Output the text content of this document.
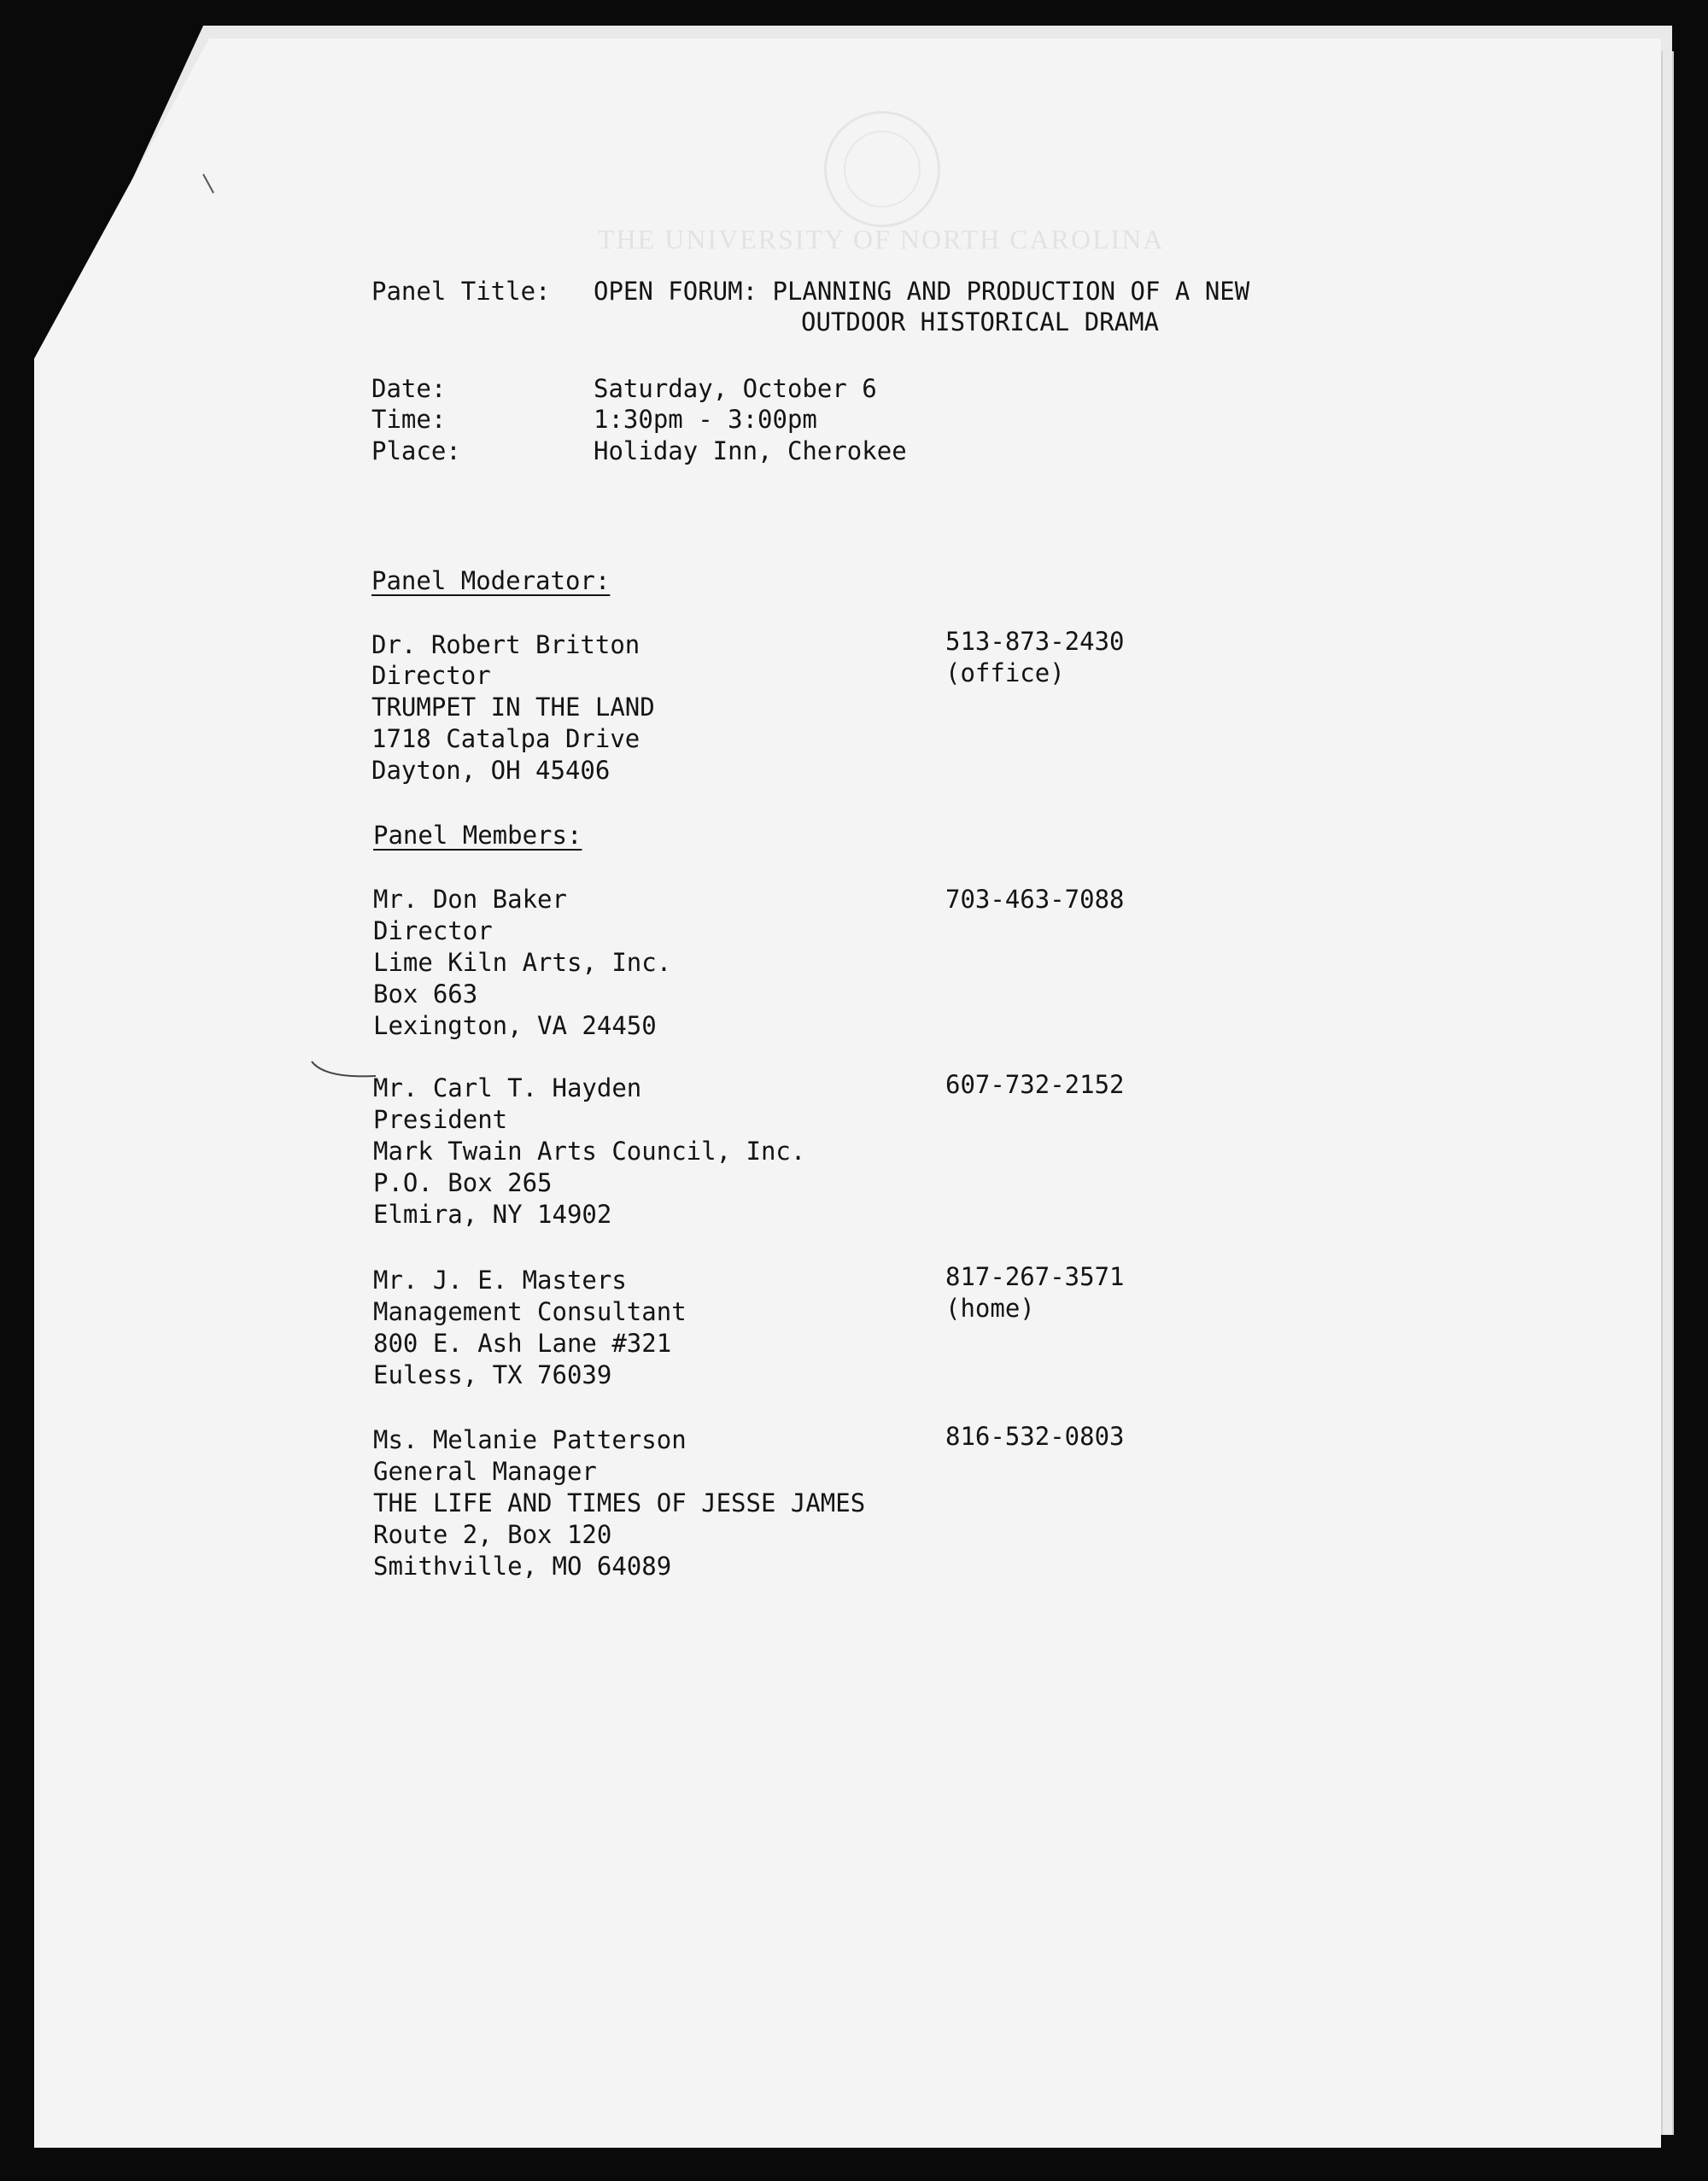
THE UNIVERSITY OF NORTH CAROLINA
Panel Title: OPEN FORUM: PLANNING AND PRODUCTION OF A NEW
OUTDOOR HISTORICAL DRAMA
Date:	Saturday, October 6
Time:	1:30pm - 3:00pm
Place:	Holiday Inn, Cherokee
Panel Moderator:
Dr. Robert Britton
Director
TRUMPET IN THE LAND
1718 Catalpa Drive
Dayton, OH 45406
513-873-2430
(office)
Panel Members:
Mr. Don Baker
Director
Lime Kiln Arts, Inc.
Box 663
Lexington, VA 24450
703-463-7088
Mr. Carl T. Hayden
President
Mark Twain Arts Council, Inc.
P.O. Box 265
Elmira, NY 14902
607-732-2152
Mr. J. E. Masters
Management Consultant
800 E. Ash Lane #321
Euless, TX 76039
817-267-3571
(home)
Ms. Melanie Patterson
General Manager
THE LIFE AND TIMES OF JESSE JAMES
Route 2, Box 120
Smithville, MO 64089
816-532-0803
